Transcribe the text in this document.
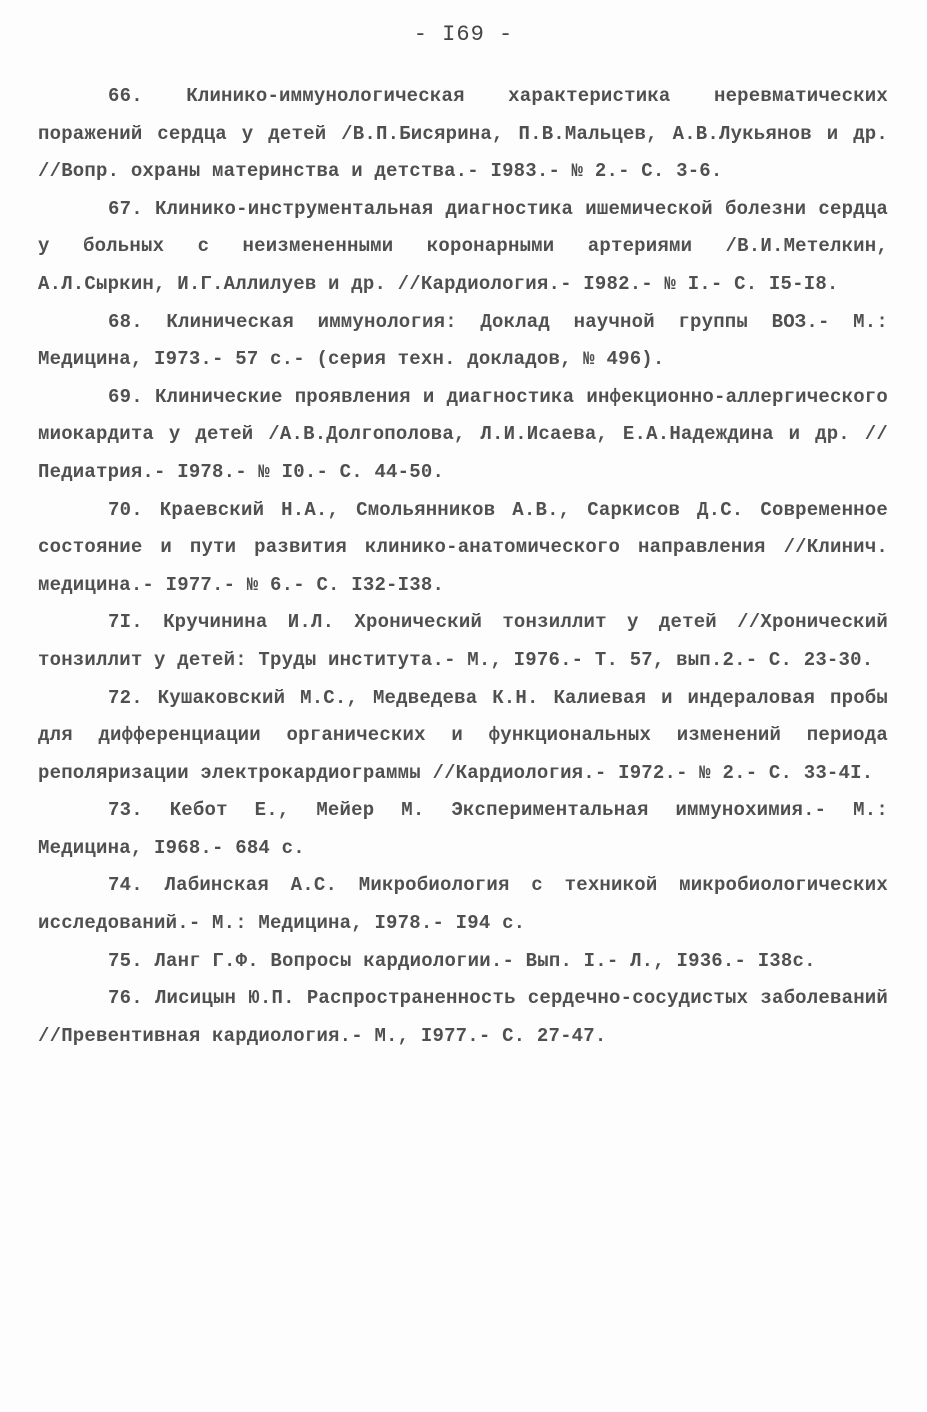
- I69 -

66. Клинико-иммунологическая характеристика неревматических поражений сердца у детей /В.П.Бисярина, П.В.Мальцев, А.В.Лукьянов и др. //Вопр. охраны материнства и детства.- I983.- № 2.- С. 3-6.

67. Клинико-инструментальная диагностика ишемической болезни сердца у больных с неизмененными коронарными артериями /В.И.Метелкин, А.Л.Сыркин, И.Г.Аллилуев и др. //Кардиология.- I982.- № I.- С. I5-I8.

68. Клиническая иммунология: Доклад научной группы ВОЗ.- М.: Медицина, I973.- 57 с.- (серия техн. докладов, № 496).

69. Клинические проявления и диагностика инфекционно-аллергического миокардита у детей /А.В.Долгополова, Л.И.Исаева, Е.А.Надеждина и др. //Педиатрия.- I978.- № I0.- С. 44-50.

70. Краевский Н.А., Смольянников А.В., Саркисов Д.С. Современное состояние и пути развития клинико-анатомического направления //Клинич. медицина.- I977.- № 6.- С. I32-I38.

7I. Кручинина И.Л. Хронический тонзиллит у детей //Хронический тонзиллит у детей: Труды института.- М., I976.- Т. 57, вып.2.- С. 23-30.

72. Кушаковский М.С., Медведева К.Н. Калиевая и индераловая пробы для дифференциации органических и функциональных изменений периода реполяризации электрокардиограммы //Кардиология.- I972.- № 2.- С. 33-4I.

73. Кебот Е., Мейер М. Экспериментальная иммунохимия.- М.: Медицина, I968.- 684 с.

74. Лабинская А.С. Микробиология с техникой микробиологических исследований.- М.: Медицина, I978.- I94 с.

75. Ланг Г.Ф. Вопросы кардиологии.- Вып. I.- Л., I936.- I38с.

76. Лисицын Ю.П. Распространенность сердечно-сосудистых заболеваний //Превентивная кардиология.- М., I977.- С. 27-47.
